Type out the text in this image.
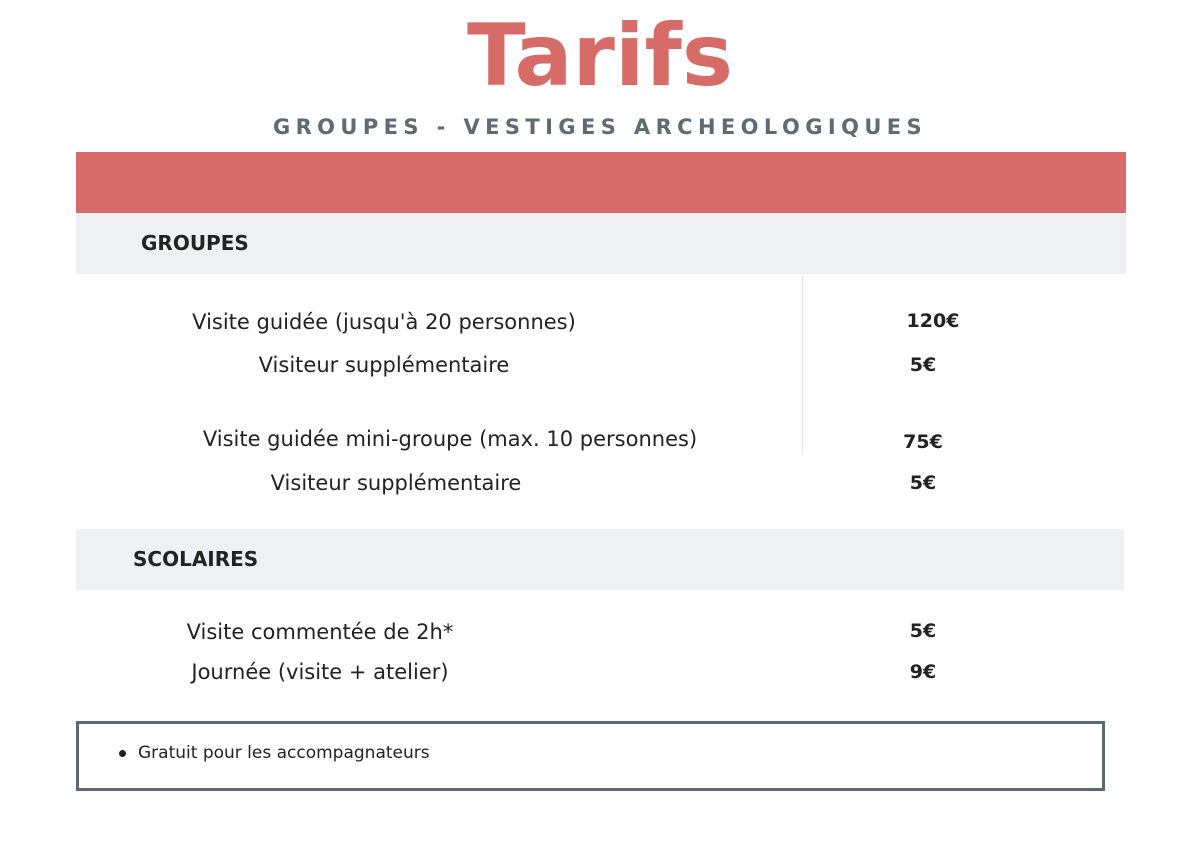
Tarifs
GROUPES - VESTIGES ARCHEOLOGIQUES
GROUPES
Visite guidée (jusqu'à 20 personnes)	120€
Visiteur supplémentaire	5€
Visite guidée mini-groupe (max. 10 personnes)	75€
Visiteur supplémentaire	5€
SCOLAIRES
Visite commentée de 2h*	5€
Journée (visite + atelier)	9€
Gratuit pour les accompagnateurs
